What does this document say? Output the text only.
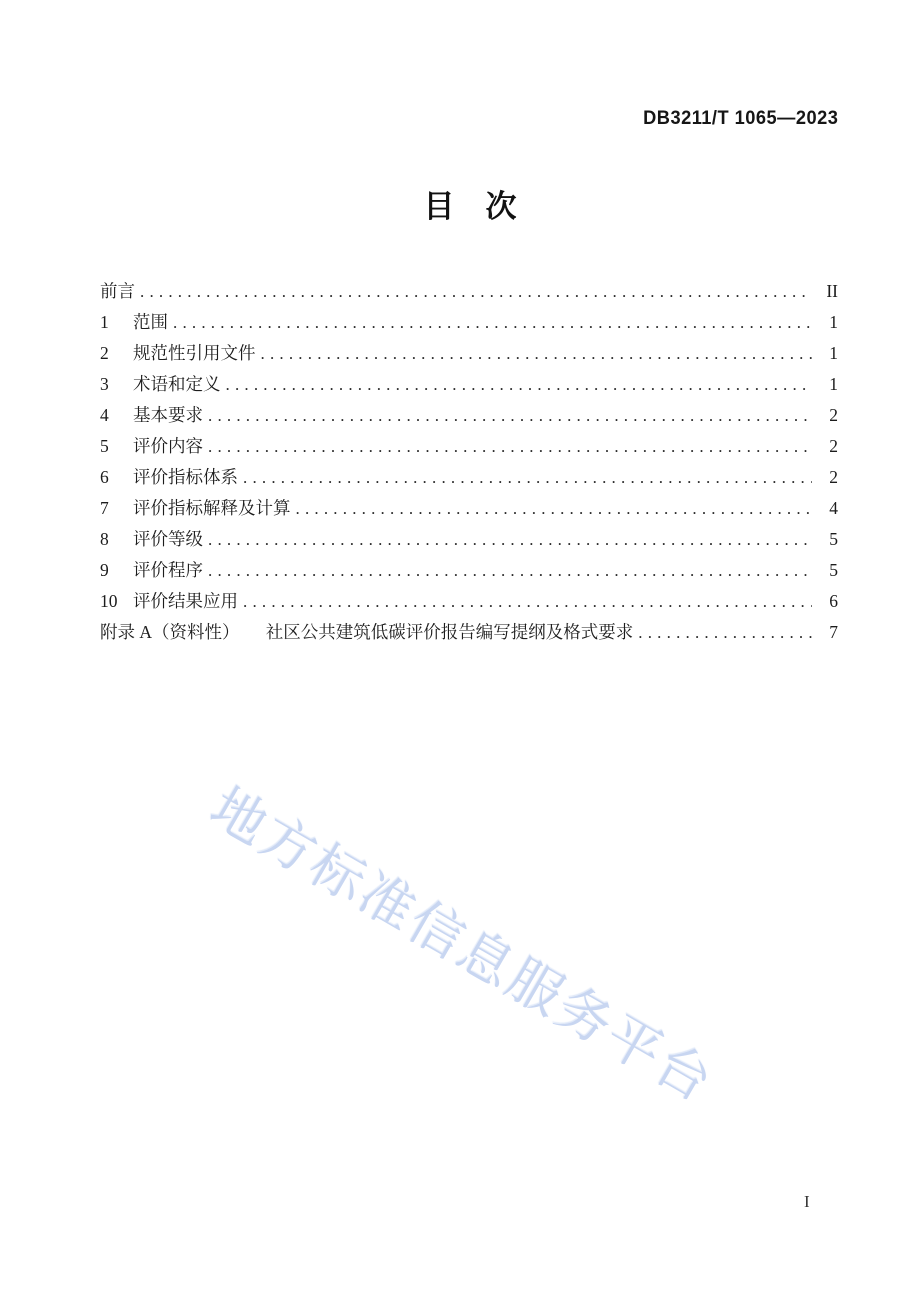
DB3211/T 1065—2023
目　次
前言 .....	II
1	范围 .....	1
2	规范性引用文件 .....	1
3	术语和定义 .....	1
4	基本要求 .....	2
5	评价内容 .....	2
6	评价指标体系 .....	2
7	评价指标解释及计算 .....	4
8	评价等级 .....	5
9	评价程序 .....	5
10 评价结果应用 .....	6
附录 A（资料性）　　社区公共建筑低碳评价报告编写提纲及格式要求 .....	7
地方标准信息服务平台
I
